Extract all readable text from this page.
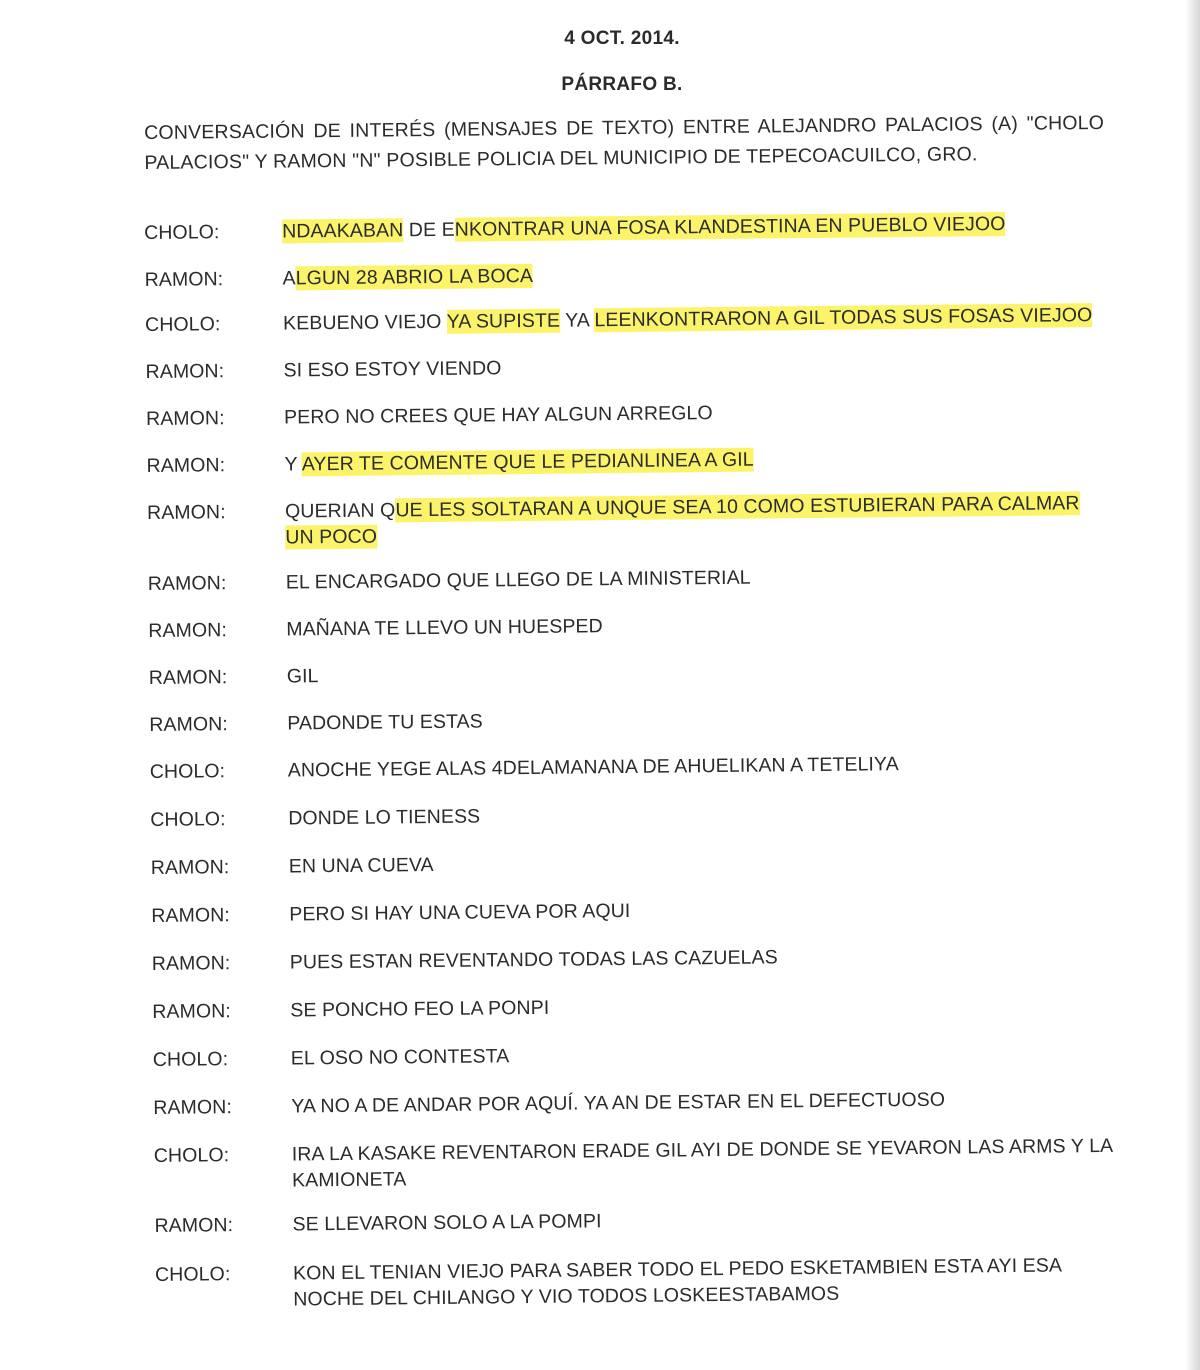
4 OCT. 2014.
PÁRRAFO B.
CONVERSACIÓN DE INTERÉS (MENSAJES DE TEXTO) ENTRE ALEJANDRO PALACIOS (A) "CHOLO PALACIOS" Y RAMON "N" POSIBLE POLICIA DEL MUNICIPIO DE TEPECOACUILCO, GRO.
CHOLO:	NDAAKABAN DE ENKONTRAR UNA FOSA KLANDESTINA EN PUEBLO VIEJOO
RAMON:	ALGUN 28 ABRIO LA BOCA
CHOLO:	KEBUENO VIEJO YA SUPISTE YA LEENKONTRARON A GIL TODAS SUS FOSAS VIEJOO
RAMON:	SI ESO ESTOY VIENDO
RAMON:	PERO NO CREES QUE HAY ALGUN ARREGLO
RAMON:	Y AYER TE COMENTE QUE LE PEDIANLINEA A GIL
RAMON:	QUERIAN QUE LES SOLTARAN A UNQUE SEA 10 COMO ESTUBIERAN PARA CALMAR UN POCO
RAMON:	EL ENCARGADO QUE LLEGO DE LA MINISTERIAL
RAMON:	MAÑANA TE LLEVO UN HUESPED
RAMON:	GIL
RAMON:	PADONDE TU ESTAS
CHOLO:	ANOCHE YEGE ALAS 4DELAMANANA DE AHUELIKAN A TETELIYA
CHOLO:	DONDE LO TIENESS
RAMON:	EN UNA CUEVA
RAMON:	PERO SI HAY UNA CUEVA POR AQUI
RAMON:	PUES ESTAN REVENTANDO TODAS LAS CAZUELAS
RAMON:	SE PONCHO FEO LA PONPI
CHOLO:	EL OSO NO CONTESTA
RAMON:	YA NO A DE ANDAR POR AQUÍ. YA AN DE ESTAR EN EL DEFECTUOSO
CHOLO:	IRA LA KASAKE REVENTARON ERADE GIL AYI DE DONDE SE YEVARON LAS ARMS Y LA KAMIONETA
RAMON:	SE LLEVARON SOLO A LA POMPI
CHOLO:	KON EL TENIAN VIEJO PARA SABER TODO EL PEDO ESKETAMBIEN ESTA AYI ESA NOCHE DEL CHILANGO Y VIO TODOS LOSKEESTABAMOS
